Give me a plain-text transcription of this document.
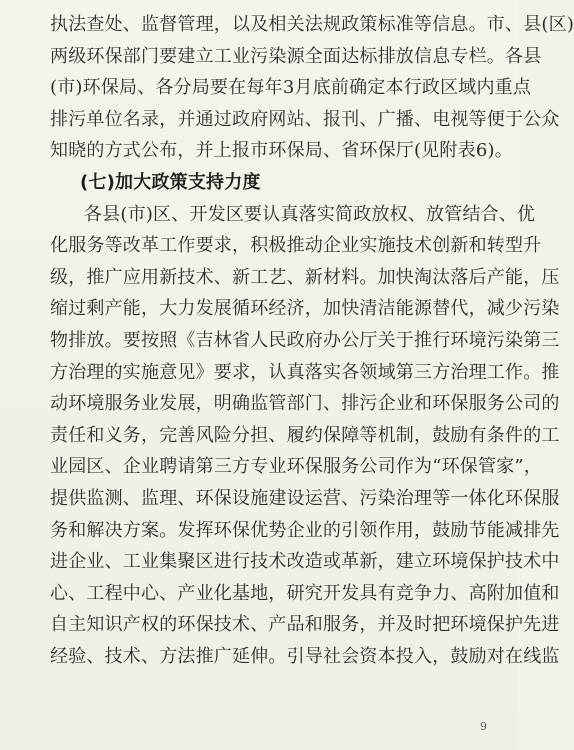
执法查处、监督管理，以及相关法规政策标准等信息。市、县(区)
两级环保部门要建立工业污染源全面达标排放信息专栏。各县
(市)环保局、各分局要在每年3月底前确定本行政区域内重点
排污单位名录，并通过政府网站、报刊、广播、电视等便于公众
知晓的方式公布，并上报市环保局、省环保厅(见附表6)。
(七)加大政策支持力度
各县(市)区、开发区要认真落实简政放权、放管结合、优
化服务等改革工作要求，积极推动企业实施技术创新和转型升
级，推广应用新技术、新工艺、新材料。加快淘汰落后产能，压
缩过剩产能，大力发展循环经济，加快清洁能源替代，减少污染
物排放。要按照《吉林省人民政府办公厅关于推行环境污染第三
方治理的实施意见》要求，认真落实各领域第三方治理工作。推
动环境服务业发展，明确监管部门、排污企业和环保服务公司的
责任和义务，完善风险分担、履约保障等机制，鼓励有条件的工
业园区、企业聘请第三方专业环保服务公司作为“环保管家”，
提供监测、监理、环保设施建设运营、污染治理等一体化环保服
务和解决方案。发挥环保优势企业的引领作用，鼓励节能减排先
进企业、工业集聚区进行技术改造或革新，建立环境保护技术中
心、工程中心、产业化基地，研究开发具有竞争力、高附加值和
自主知识产权的环保技术、产品和服务，并及时把环境保护先进
经验、技术、方法推广延伸。引导社会资本投入，鼓励对在线监
9
